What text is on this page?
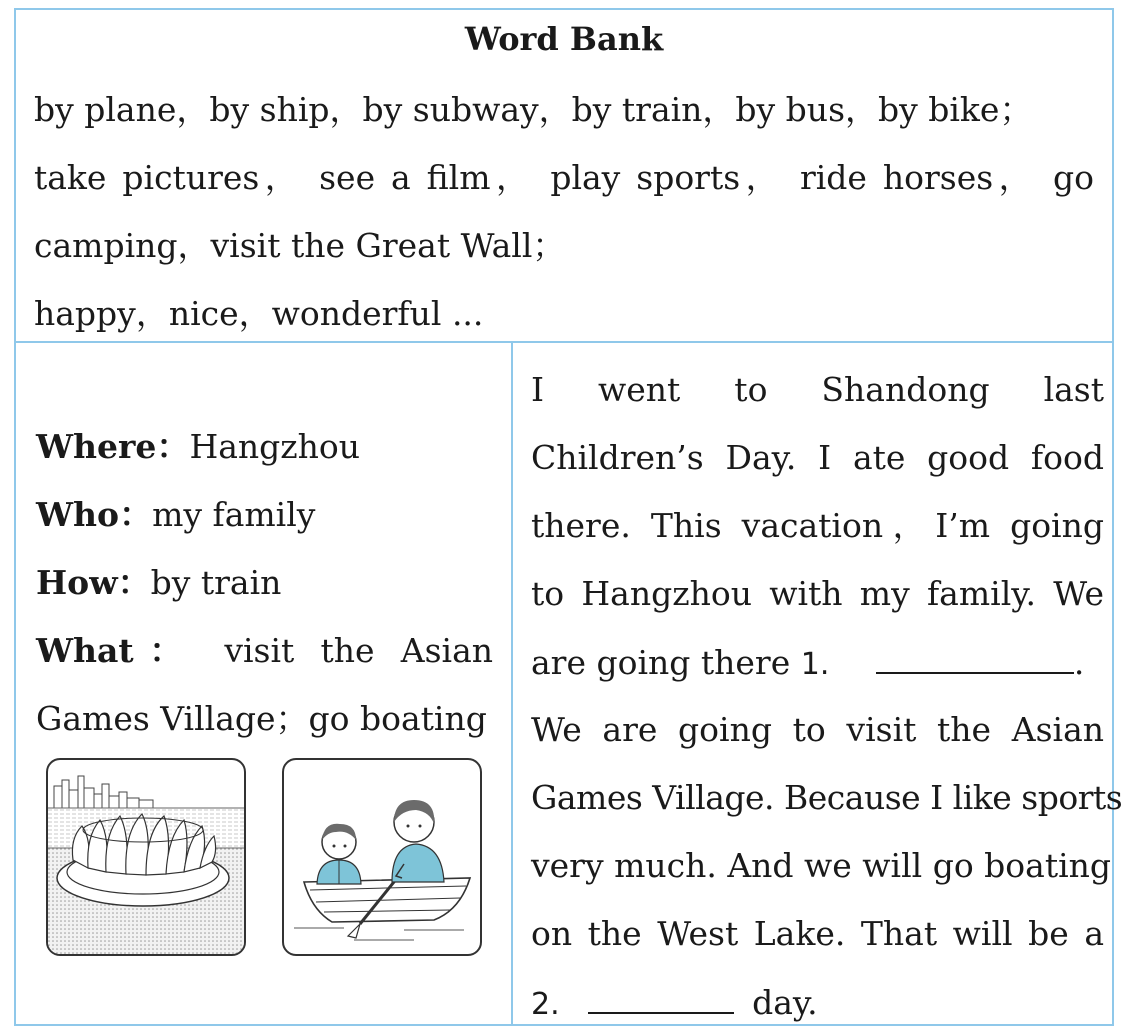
Word Bank
by plane，by ship，by subway，by train，by bus，by bike；
take pictures， see a film， play sports， ride horses， go
camping，visit the Great Wall；
happy，nice，wonderful ...
Where：Hangzhou
Who：my family
How：by train
What： visit the Asian
Games Village；go boating
I went to Shandong last
Children’s Day. I ate good food
there. This vacation，I’m going
to Hangzhou with my family. We
are going there 1.	.
We are going to visit the Asian
Games Village. Because I like sports
very much. And we will go boating
on the West Lake. That will be a
2.	day.
